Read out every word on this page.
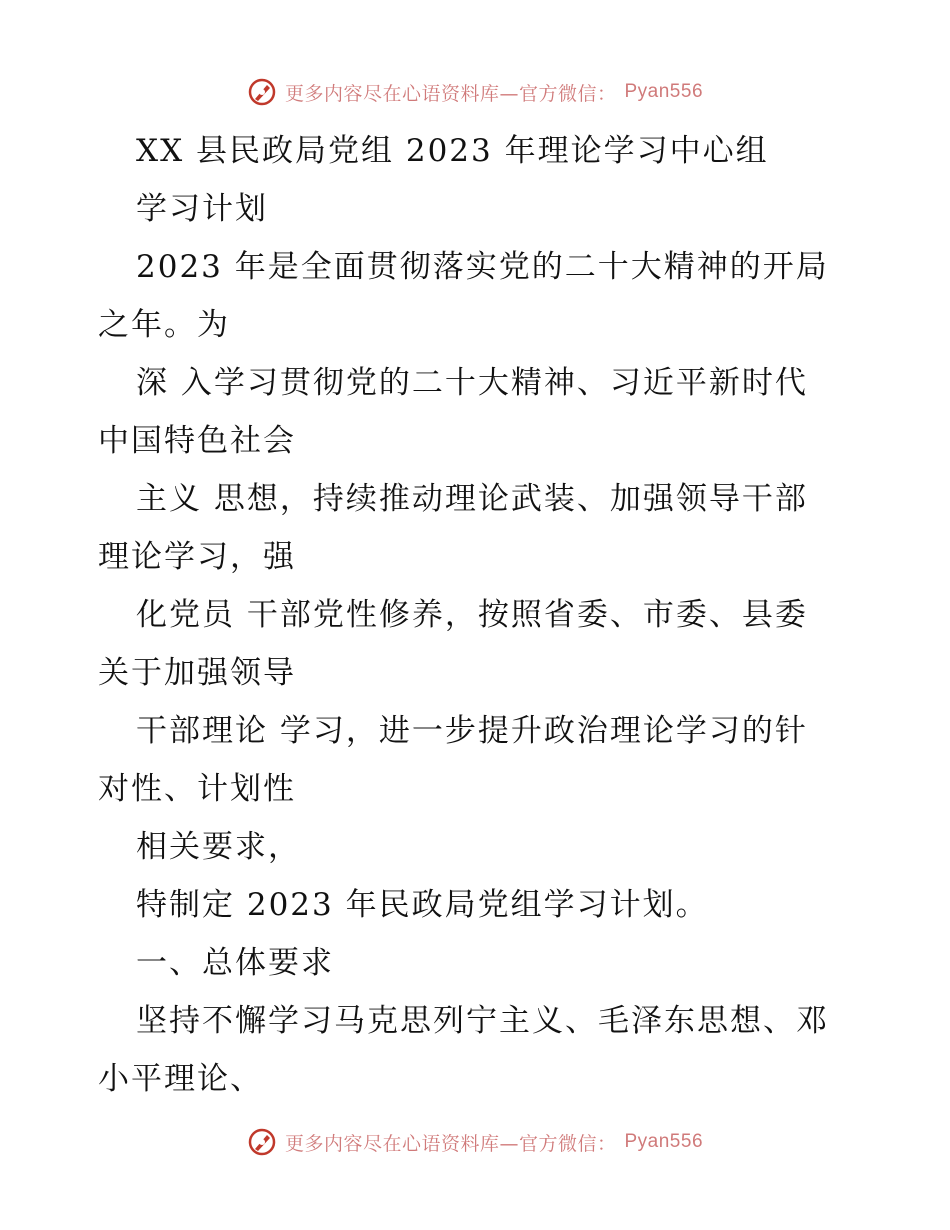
更多内容尽在心语资料库—官方微信： Pyan556
XX 县民政局党组 2023 年理论学习中心组
学习计划
2023 年是全面贯彻落实党的二十大精神的开局
之年。为
深 入学习贯彻党的二十大精神、习近平新时代
中国特色社会
主义 思想，持续推动理论武装、加强领导干部
理论学习，强
化党员 干部党性修养，按照省委、市委、县委
关于加强领导
干部理论 学习，进一步提升政治理论学习的针
对性、计划性
相关要求，
特制定 2023 年民政局党组学习计划。
一、总体要求
坚持不懈学习马克思列宁主义、毛泽东思想、邓
小平理论、
更多内容尽在心语资料库—官方微信： Pyan556
